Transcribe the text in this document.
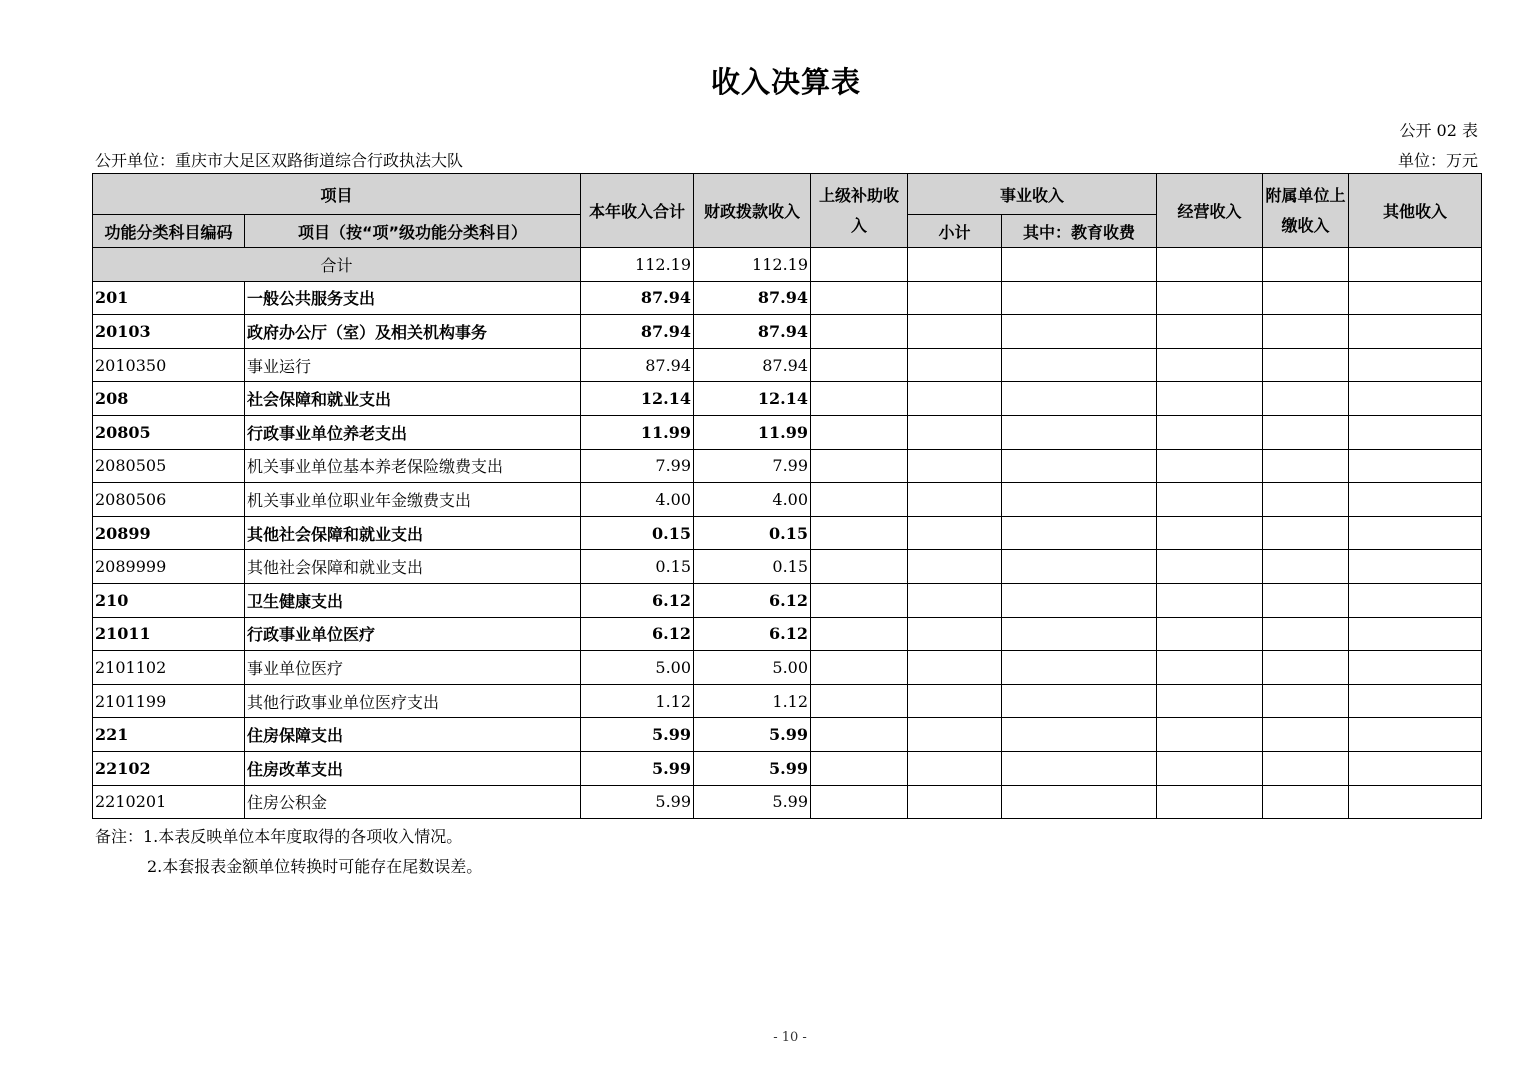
收入决算表
公开 02 表
公开单位：重庆市大足区双路街道综合行政执法大队	单位：万元
项目		本年收入合计	财政拨款收入	上级补助收入	事业收入		经营收入	附属单位上缴收入	其他收入
功能分类科目编码	项目（按“项”级功能分类科目）				小计	其中：教育收费			
合计		112.19	112.19						
201	一般公共服务支出	87.94	87.94						
20103	政府办公厅（室）及相关机构事务	87.94	87.94						
2010350	事业运行	87.94	87.94						
208	社会保障和就业支出	12.14	12.14						
20805	行政事业单位养老支出	11.99	11.99						
2080505	机关事业单位基本养老保险缴费支出	7.99	7.99						
2080506	机关事业单位职业年金缴费支出	4.00	4.00						
20899	其他社会保障和就业支出	0.15	0.15						
2089999	其他社会保障和就业支出	0.15	0.15						
210	卫生健康支出	6.12	6.12						
21011	行政事业单位医疗	6.12	6.12						
2101102	事业单位医疗	5.00	5.00						
2101199	其他行政事业单位医疗支出	1.12	1.12						
221	住房保障支出	5.99	5.99						
22102	住房改革支出	5.99	5.99						
2210201	住房公积金	5.99	5.99						
备注：1.本表反映单位本年度取得的各项收入情况。
2.本套报表金额单位转换时可能存在尾数误差。
- 10 -
